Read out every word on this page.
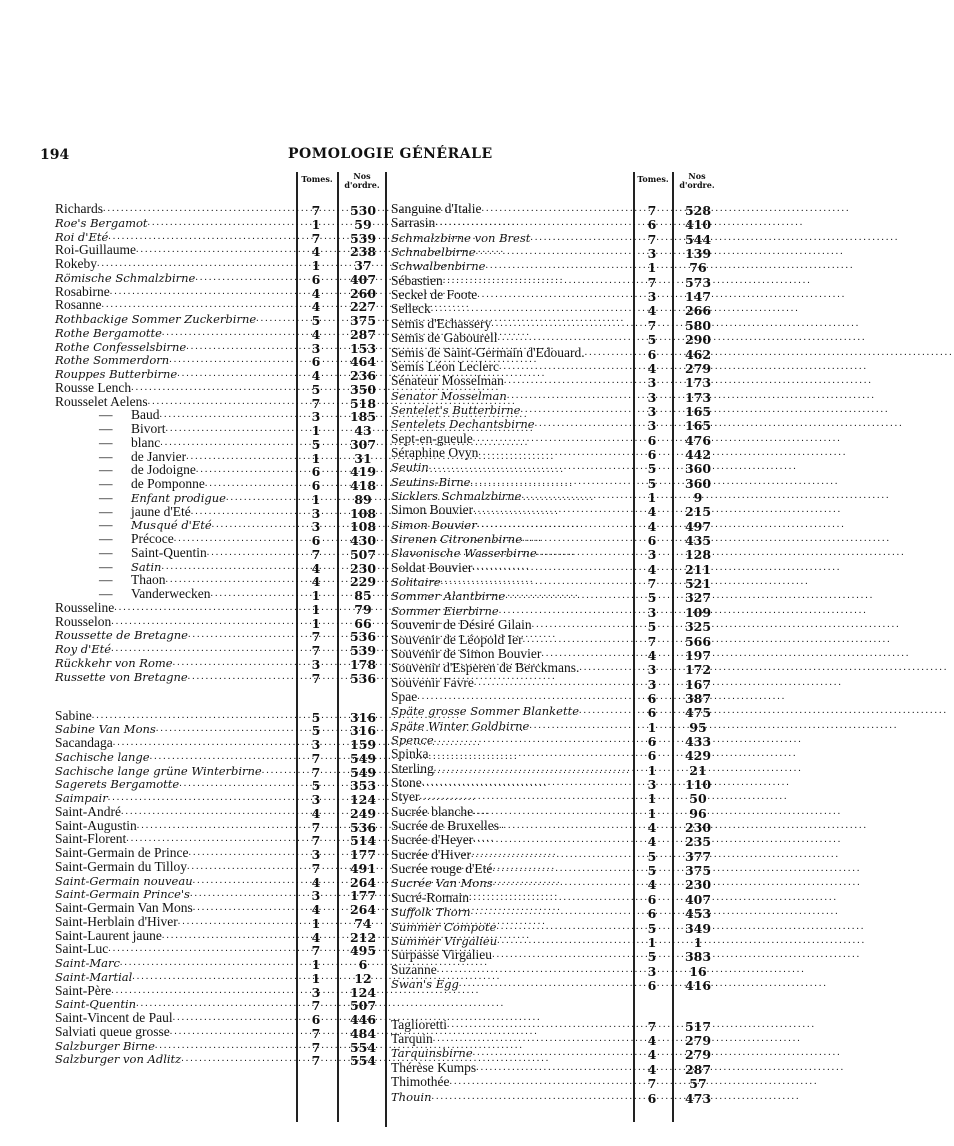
194	POMOLOGIE GÉNÉRALE
Tomes.	Nos
d'ordre.
Tomes.	Nos
d'ordre.
Richards .....	7	530
Roe's Bergamot .....	1	59
Roi d'Eté .....	7	539
Roi-Guillaume .....	4	238
Rokeby .....	1	37
Römische Schmalzbirne .....	6	407
Rosabirne .....	4	260
Rosanne .....	4	227
Rothbackige Sommer Zuckerbirne .....	5	375
Rothe Bergamotte .....	4	287
Rothe Confesselsbirne .....	3	153
Rothe Sommerdorn .....	6	464
Rouppes Butterbirne .....	4	236
Rousse Lench .....	5	350
Rousselet Aelens .....	7	518
—	Baud .....	3	185
—	Bivort .....	1	43
—	blanc .....	5	307
—	de Janvier .....	1	31
—	de Jodoigne .....	6	419
—	de Pomponne .....	6	418
—	Enfant prodigue .....	1	89
—	jaune d'Eté .....	3	108
—	Musqué d'Eté .....	3	108
—	Précoce .....	6	430
—	Saint-Quentin .....	7	507
—	Satin .....	4	230
—	Thaon .....	4	229
—	Vanderwecken .....	1	85
Rousseline .....	1	79
Rousselon .....	1	66
Roussette de Bretagne .....	7	536
Roy d'Eté .....	7	539
Rückkehr von Rome .....	3	178
Russette von Bretagne .....	7	536
Sabine .....	5	316
Sabine Van Mons .....	5	316
Sacandaga .....	3	159
Sachische lange .....	7	549
Sachische lange grüne Winterbirne .....	7	549
Sagerets Bergamotte .....	5	353
Saimpair .....	3	124
Saint-André .....	4	249
Saint-Augustin .....	7	536
Saint-Florent .....	7	514
Saint-Germain de Prince .....	3	177
Saint-Germain du Tilloy .....	7	491
Saint-Germain nouveau .....	4	264
Saint-Germain Prince's .....	3	177
Saint-Germain Van Mons .....	4	264
Saint-Herblain d'Hiver .....	1	74
Saint-Laurent jaune .....	4	212
Saint-Luc .....	7	495
Saint-Marc .....	1	6
Saint-Martial .....	1	12
Saint-Père .....	3	124
Saint-Quentin .....	7	507
Saint-Vincent de Paul .....	6	446
Salviati queue grosse .....	7	484
Salzburger Birne .....	7	554
Salzburger von Adlitz .....	7	554
Sanguine d'Italie .....	7	528
Sarrasin .....	6	410
Schmalzbirne von Brest .....	7	544
Schnabelbirne .....	3	139
Schwalbenbirne .....	1	76
Sébastien .....	7	573
Seckel de Foote .....	3	147
Selleck .....	4	266
Semis d'Echassery .....	7	580
Semis de Gabourell .....	5	290
Semis de Saint-Germain d'Edouard. .....	6	462
Semis Léon Leclerc .....	4	279
Sénateur Mosselman .....	3	173
Senator Mosselman .....	3	173
Sentelet's Butterbirne .....	3	165
Sentelets Dechantsbirne .....	3	165
Sept-en-gueule .....	6	476
Séraphine Ovyn .....	6	442
Seutin .....	5	360
Seutins-Birne .....	5	360
Sicklers Schmalzbirne .....	1	9
Simon Bouvier .....	4	215
Simon Bouvier .....	4	497
Sirenen Citronenbirne .....	6	435
Slavonische Wasserbirne .....	3	128
Soldat Bouvier .....	4	211
Solitaire .....	7	521
Sommer Alantbirne .....	5	327
Sommer Eierbirne .....	3	109
Souvenir de Désiré Gilain .....	5	325
Souvenir de Léopold Ier .....	7	566
Souvenir de Simon Bouvier .....	4	197
Souvenir d'Esperen de Berckmans. .....	3	172
Souvenir Favre .....	3	167
Spae .....	6	387
Späte grosse Sommer Blankette .....	6	475
Späte Winter Goldbirne .....	1	95
Spence .....	6	433
Spinka .....	6	429
Sterling .....	1	21
Stone .....	3	110
Styer .....	1	50
Sucrée blanche .....	1	96
Sucrée de Bruxelles .....	4	230
Sucrée d'Heyer .....	4	235
Sucrée d'Hiver .....	5	377
Sucrée rouge d'Eté .....	5	375
Sucrée Van Mons .....	4	230
Sucré-Romain .....	6	407
Suffolk Thorn .....	6	453
Summer Compote .....	5	349
Summer Virgalieu .....	1	1
Surpasse Virgalieu .....	5	383
Suzanne .....	3	16
Swan's Egg .....	6	416
Taglioretti .....	7	517
Tarquin .....	4	279
Tarquinsbirne .....	4	279
Thérèse Kumps .....	4	287
Thimothée .....	7	57
Thouin .....	6	473
